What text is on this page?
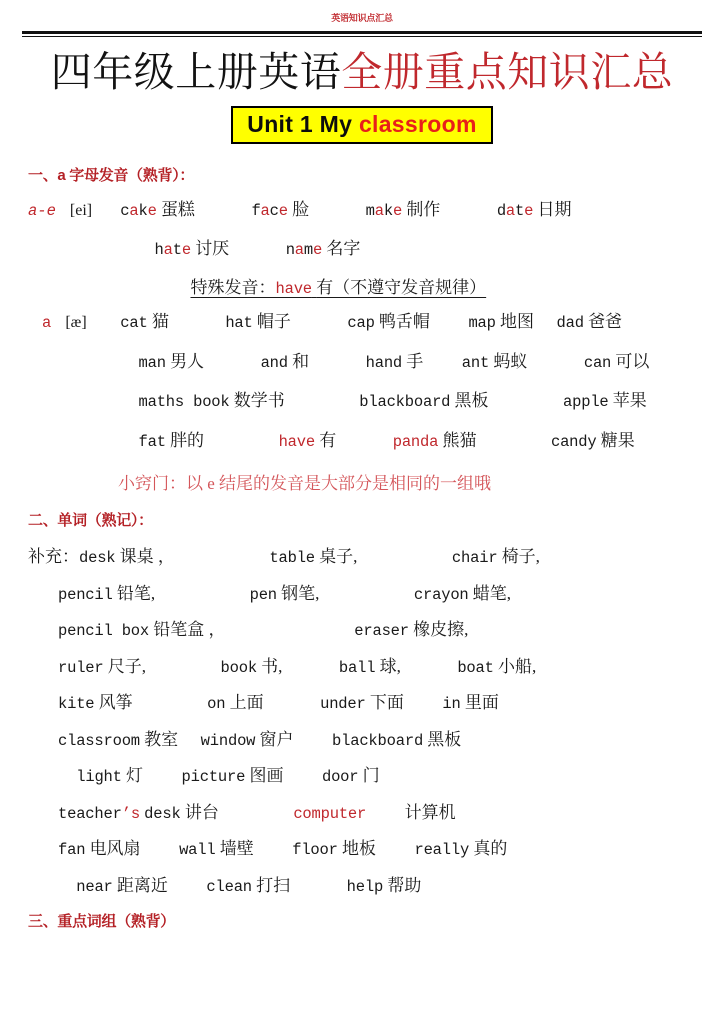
英语知识点汇总
四年级上册英语全册重点知识汇总
Unit 1 My classroom
一、a 字母发音（熟背）：
a-e [ei] cake 蛋糕	face 脸	make 制作	date 日期
hate 讨厌	name 名字
特殊发音：have 有（不遵守发音规律）
a [æ] cat 猫	hat 帽子	cap 鸭舌帽 map 地图 dad 爸爸
man 男人	and 和	hand 手 ant 蚂蚁	can 可以
maths book 数学书	blackboard 黑板	apple 苹果
fat 胖的	have 有	panda 熊猫	candy 糖果
小窍门：以 e 结尾的发音是大部分是相同的一组哦
二、单词（熟记）：
补充：desk 课桌 ，	table 桌子,	chair 椅子,
pencil 铅笔,	pen 钢笔,	crayon 蜡笔,
pencil box 铅笔盒 ，	eraser 橡皮擦,
ruler 尺子,	book 书,	ball 球,	boat 小船,
kite 风筝	on 上面	under 下面 in 里面
classroom 教室 window 窗户 blackboard 黑板
light 灯 picture 图画 door 门
teacher’s desk 讲台	computer 计算机
fan 电风扇 wall 墙壁 floor 地板 really 真的
near 距离近 clean 打扫	help 帮助
三、重点词组（熟背）
